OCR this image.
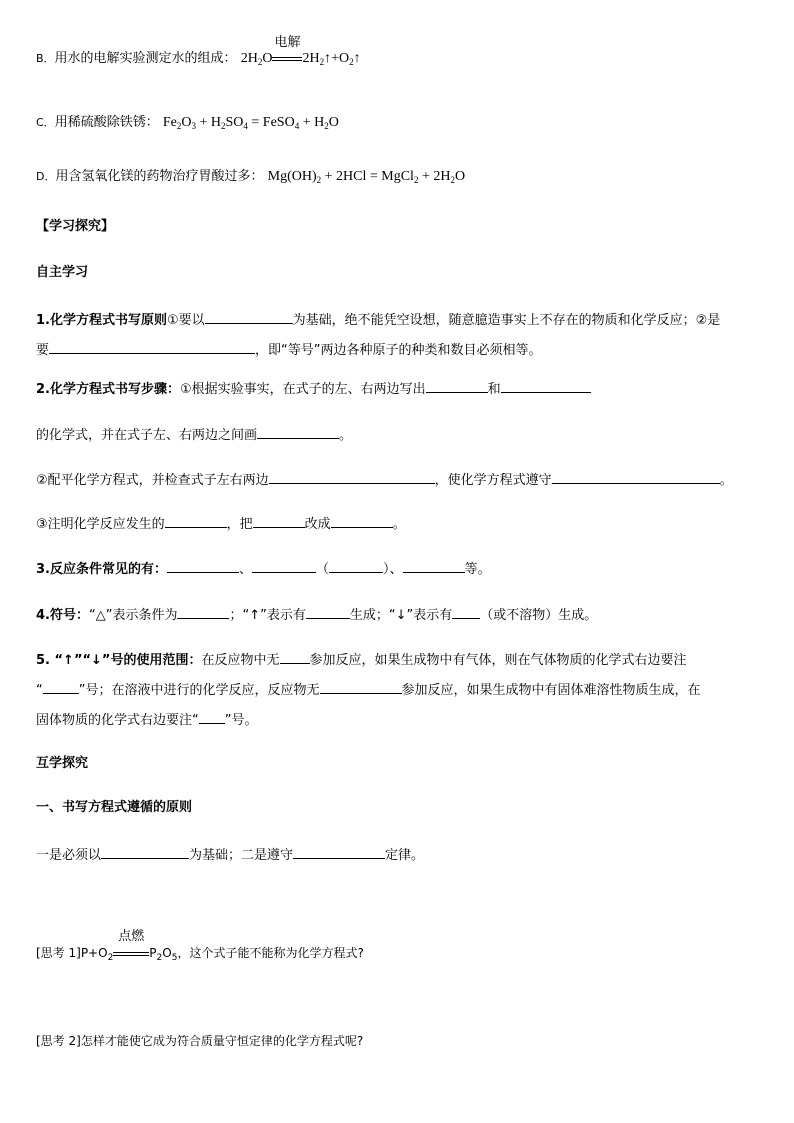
B．用水的电解实验测定水的组成： $2H_2O$
电解
$2H_2↑+O_2↑$
C．用稀硫酸除铁锈： $Fe_2O_3 + H_2SO_4$ = FeSO$_4$ + $H_2O$
D．用含氢氧化镁的药物治疗胃酸过多： $Mg(OH)_2 + 2HCl$ = MgCl$_2$ + $2H_2O$
【学习探究】
自主学习
1.化学方程式书写原则①要以	为基础，绝不能凭空设想，随意臆造事实上不存在的物质和化学反应；②是
要	，即“等号”两边各种原子的种类和数目必须相等。
2.化学方程式书写步骤：①根据实验事实，在式子的左、右两边写出	和
的化学式，并在式子左、右两边之间画	。
②配平化学方程式，并检查式子左右两边	，使化学方程式遵守	。
③注明化学反应发生的	，把	改成	。
3.反应条件常见的有：	、	（	）、	等。
4.符号：“△”表示条件为	；“↑”表示有	生成；“↓”表示有 （或不溶物）生成。
5. “↑”“↓”号的使用范围：在反应物中无 参加反应，如果生成物中有气体，则在气体物质的化学式右边要注
“	”号；在溶液中进行的化学反应，反应物无	参加反应，如果生成物中有固体难溶性物质生成，在
固体物质的化学式右边要注“ ”号。
互学探究
一、书写方程式遵循的原则
一是必须以	为基础；二是遵守	定律。
[思考 $1]P+O_2$
点燃
$P_2O_5$，这个式子能不能称为化学方程式?
[思考 2]怎样才能使它成为符合质量守恒定律的化学方程式呢?
